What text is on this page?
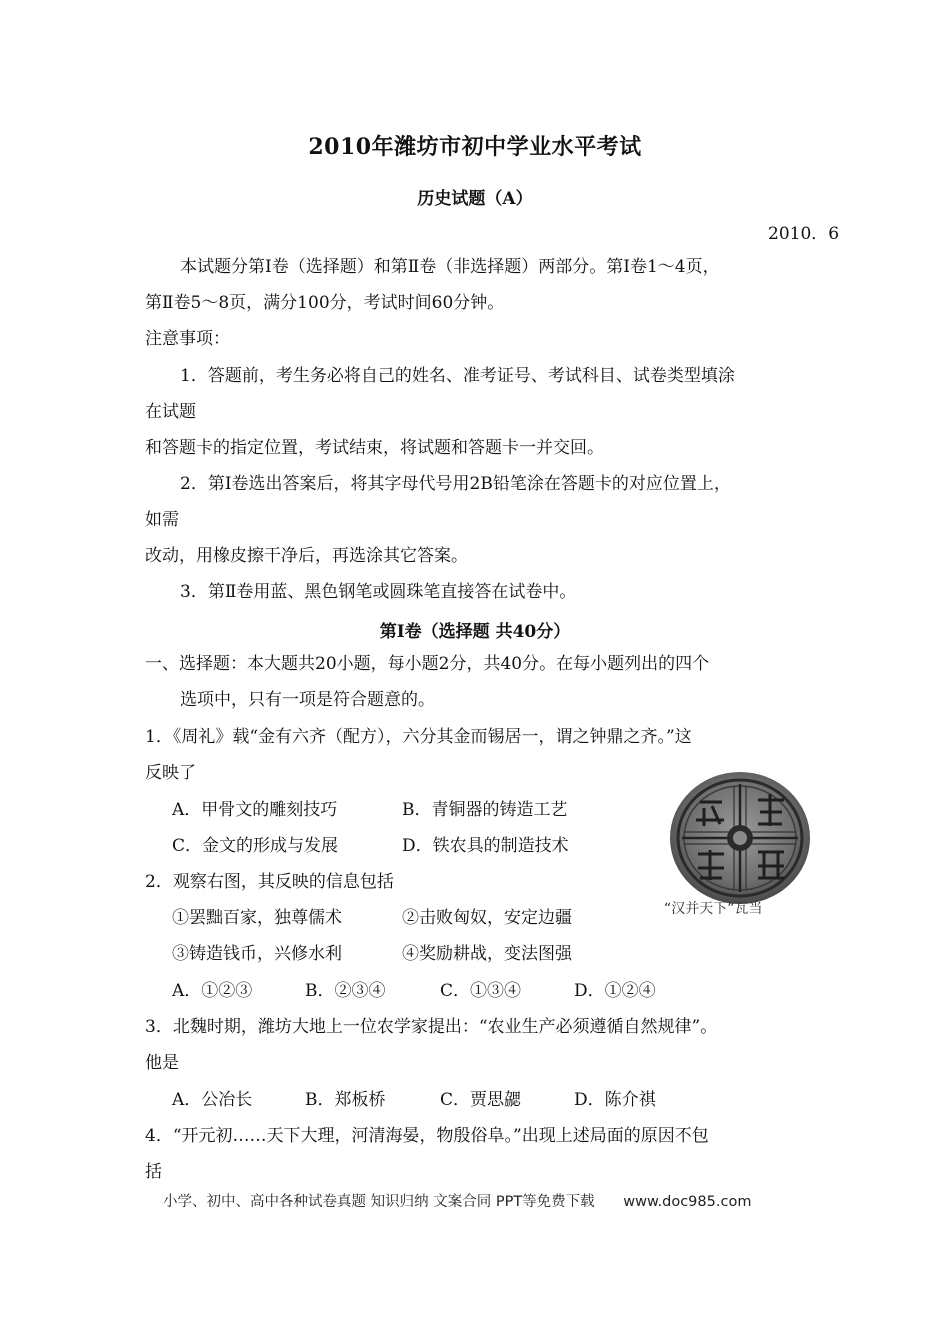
2010年潍坊市初中学业水平考试
历史试题（A）
2010．6
本试题分第Ⅰ卷（选择题）和第Ⅱ卷（非选择题）两部分。第Ⅰ卷1～4页，
第Ⅱ卷5～8页，满分100分，考试时间60分钟。
注意事项：
1．答题前，考生务必将自己的姓名、准考证号、考试科目、试卷类型填涂
在试题
和答题卡的指定位置，考试结束，将试题和答题卡一并交回。
2．第Ⅰ卷选出答案后，将其字母代号用2B铅笔涂在答题卡的对应位置上，
如需
改动，用橡皮擦干净后，再选涂其它答案。
3．第Ⅱ卷用蓝、黑色钢笔或圆珠笔直接答在试卷中。
第Ⅰ卷（选择题 共40分）
一、选择题：本大题共20小题，每小题2分，共40分。在每小题列出的四个
选项中，只有一项是符合题意的。
1．《周礼》载“金有六齐（配方），六分其金而锡居一，谓之钟鼎之齐。”这
反映了
A．甲骨文的雕刻技巧	B．青铜器的铸造工艺
C．金文的形成与发展	D．铁农具的制造技术
2．观察右图，其反映的信息包括
①罢黜百家，独尊儒术	②击败匈奴，安定边疆
③铸造钱币，兴修水利	④奖励耕战，变法图强
A．①②③	B．②③④	C．①③④	D．①②④
“汉并天下”瓦当
3．北魏时期，潍坊大地上一位农学家提出：“农业生产必须遵循自然规律”。
他是
A．公冶长	B．郑板桥	C．贾思勰	D．陈介祺
4．“开元初……天下大理，河清海晏，物殷俗阜。”出现上述局面的原因不包
括
小学、初中、高中各种试卷真题 知识归纳 文案合同 PPT等免费下载 www.doc985.com
